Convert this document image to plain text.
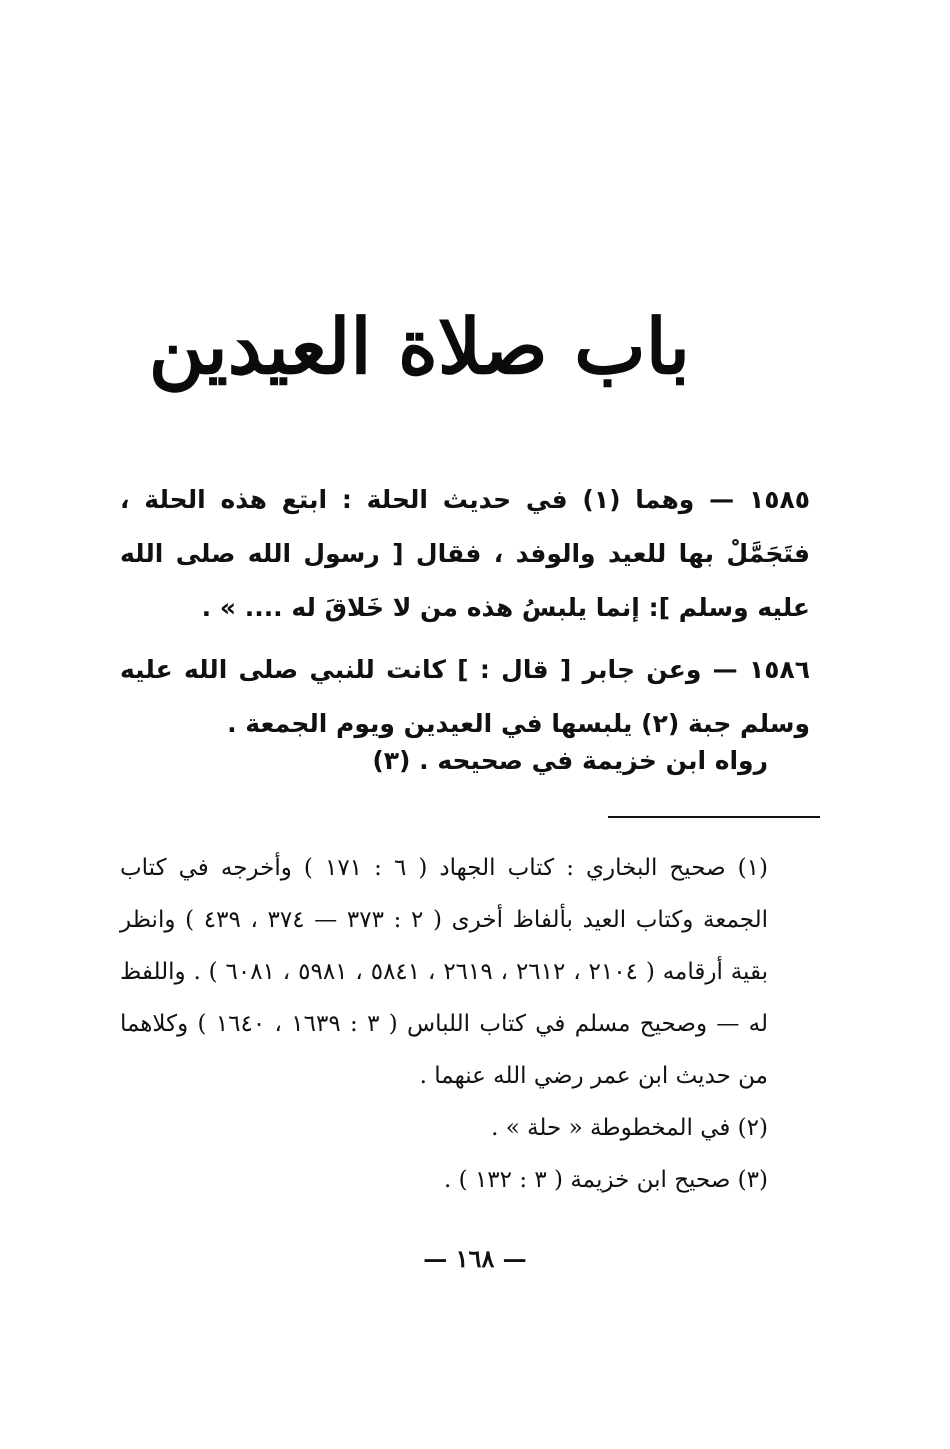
باب صلاة العيدين

١٥٨٥ — وهما (١) في حديث الحلة : ابتع هذه الحلة ، فتَجَمَّلْ بها للعيد والوفد ، فقال [ رسول الله صلى الله عليه وسلم ]: إنما يلبسُ هذه من لا خَلاقَ له .... » .

١٥٨٦ — وعن جابر [ قال : ] كانت للنبي صلى الله عليه وسلم جبة (٢) يلبسها في العيدين ويوم الجمعة .

رواه ابن خزيمة في صحيحه . (٣)

(١) صحيح البخاري : كتاب الجهاد ( ٦ : ١٧١ ) وأخرجه في كتاب الجمعة وكتاب العيد بألفاظ أخرى ( ٢ : ٣٧٣ — ٣٧٤ ، ٤٣٩ ) وانظر بقية أرقامه ( ٢١٠٤ ، ٢٦١٢ ، ٢٦١٩ ، ٥٨٤١ ، ٥٩٨١ ، ٦٠٨١ ) . واللفظ له — وصحيح مسلم في كتاب اللباس ( ٣ : ١٦٣٩ ، ١٦٤٠ ) وكلاهما من حديث ابن عمر رضي الله عنهما .

(٢) في المخطوطة « حلة » .

(٣) صحيح ابن خزيمة ( ٣ : ١٣٢ ) .

— ١٦٨ —
